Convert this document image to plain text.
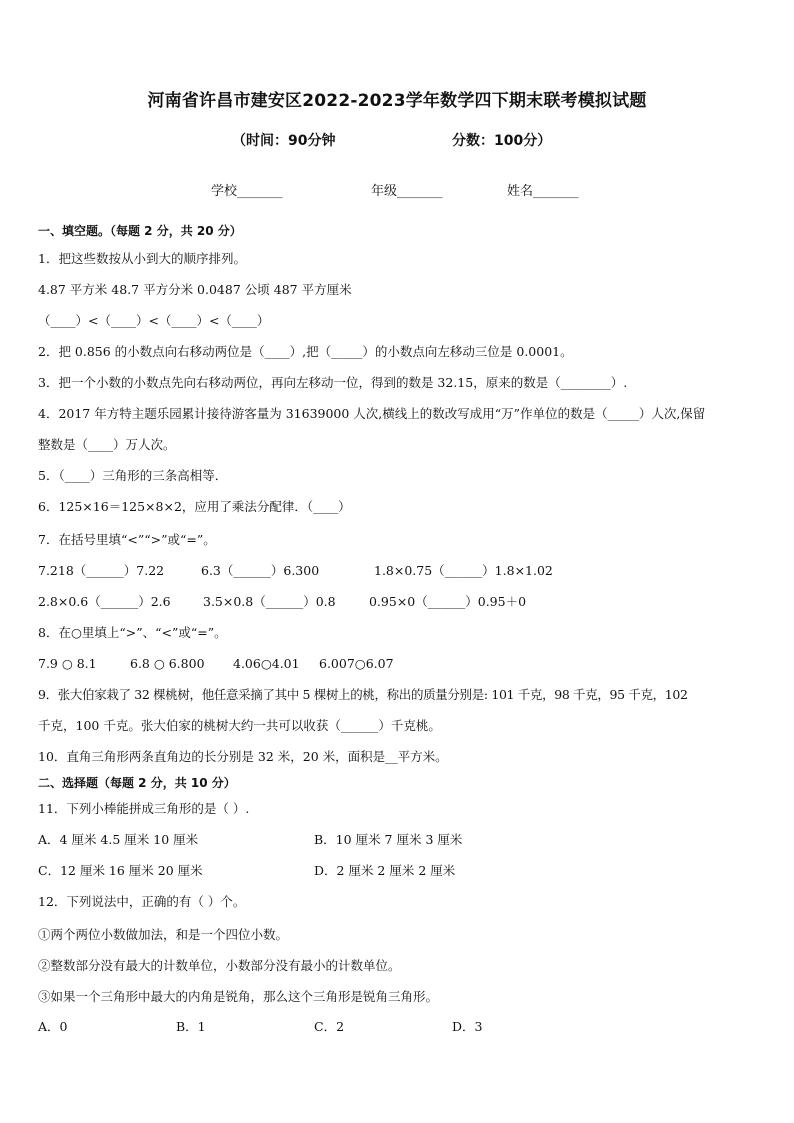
河南省许昌市建安区2022-2023学年数学四下期末联考模拟试题
（时间：90分钟	分数：100分）
学校_______	年级_______	姓名_______
一、填空题。（每题 2 分，共 20 分）
1．把这些数按从小到大的顺序排列。
4.87 平方米 48.7 平方分米 0.0487 公顷 487 平方厘米
（____）<（____）<（____）<（____）
2．把 0.856 的小数点向右移动两位是（____）,把（_____）的小数点向左移动三位是 0.0001。
3．把一个小数的小数点先向右移动两位，再向左移动一位，得到的数是 32.15，原来的数是（________）.
4．2017 年方特主题乐园累计接待游客量为 31639000 人次,横线上的数改写成用“万”作单位的数是（_____）人次,保留
整数是（____）万人次。
5．（____）三角形的三条高相等．
6．125×16＝125×8×2，应用了乘法分配律．（____）
7．在括号里填“<”“>”或“=”。
7.218（______）7.22	6.3（______）6.300	1.8×0.75（______）1.8×1.02
2.8×0.6（______）2.6	3.5×0.8（______）0.8	0.95×0（______）0.95＋0
8．在○里填上“>”、“<”或“=”。
7.9 ○ 8.1	6.8 ○ 6.800 4.06○4.01 6.007○6.07
9．张大伯家栽了 32 棵桃树，他任意采摘了其中 5 棵树上的桃，称出的质量分别是: 101 千克，98 千克，95 千克，102
千克，100 千克。张大伯家的桃树大约一共可以收获（______）千克桃。
10．直角三角形两条直角边的长分别是 32 米，20 米，面积是__平方米。
二、选择题（每题 2 分，共 10 分）
11．下列小棒能拼成三角形的是（ ）.
A．4 厘米 4.5 厘米 10 厘米	B．10 厘米 7 厘米 3 厘米
C．12 厘米 16 厘米 20 厘米	D．2 厘米 2 厘米 2 厘米
12．下列说法中，正确的有（ ）个。
①两个两位小数做加法，和是一个四位小数。
②整数部分没有最大的计数单位，小数部分没有最小的计数单位。
③如果一个三角形中最大的内角是锐角，那么这个三角形是锐角三角形。
A．0	B．1	C．2	D．3
